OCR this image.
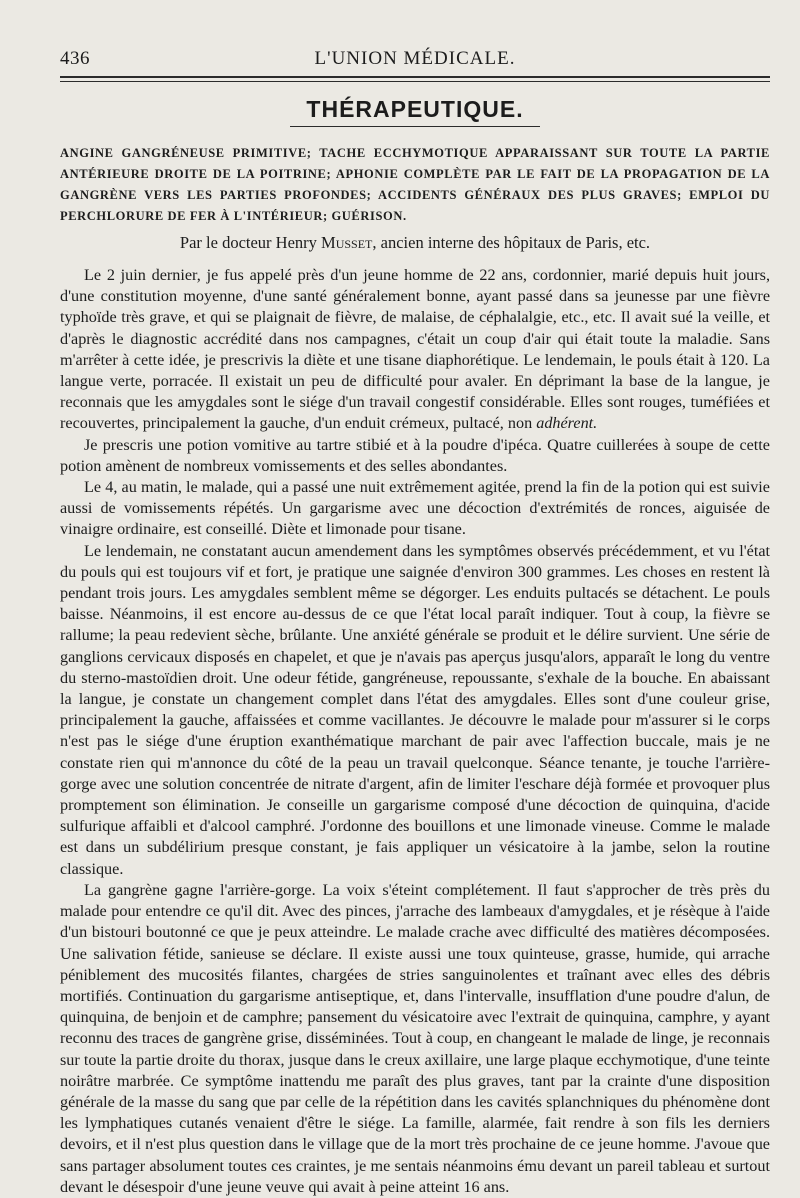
436	L'UNION MÉDICALE.
THÉRAPEUTIQUE.
ANGINE GANGRÉNEUSE PRIMITIVE; TACHE ECCHYMOTIQUE APPARAISSANT SUR TOUTE LA PARTIE ANTÉRIEURE DROITE DE LA POITRINE; APHONIE COMPLÈTE PAR LE FAIT DE LA PROPAGATION DE LA GANGRÈNE VERS LES PARTIES PROFONDES; ACCIDENTS GÉNÉRAUX DES PLUS GRAVES; EMPLOI DU PERCHLORURE DE FER À L'INTÉRIEUR; GUÉRISON.
Par le docteur Henry Musset, ancien interne des hôpitaux de Paris, etc.

Le 2 juin dernier, je fus appelé près d'un jeune homme de 22 ans, cordonnier, marié depuis huit jours, d'une constitution moyenne, d'une santé généralement bonne, ayant passé dans sa jeunesse par une fièvre typhoïde très grave, et qui se plaignait de fièvre, de malaise, de céphalalgie, etc., etc. Il avait sué la veille, et d'après le diagnostic accrédité dans nos campagnes, c'était un coup d'air qui était toute la maladie. Sans m'arrêter à cette idée, je prescrivis la diète et une tisane diaphorétique. Le lendemain, le pouls était à 120. La langue verte, porracée. Il existait un peu de difficulté pour avaler. En déprimant la base de la langue, je reconnais que les amygdales sont le siége d'un travail congestif considérable. Elles sont rouges, tuméfiées et recouvertes, principalement la gauche, d'un enduit crémeux, pultacé, non adhérent.

Je prescris une potion vomitive au tartre stibié et à la poudre d'ipéca. Quatre cuillerées à soupe de cette potion amènent de nombreux vomissements et des selles abondantes.

Le 4, au matin, le malade, qui a passé une nuit extrêmement agitée, prend la fin de la potion qui est suivie aussi de vomissements répétés. Un gargarisme avec une décoction d'extrémités de ronces, aiguisée de vinaigre ordinaire, est conseillé. Diète et limonade pour tisane.

Le lendemain, ne constatant aucun amendement dans les symptômes observés précédemment, et vu l'état du pouls qui est toujours vif et fort, je pratique une saignée d'environ 300 grammes. Les choses en restent là pendant trois jours. Les amygdales semblent même se dégorger. Les enduits pultacés se détachent. Le pouls baisse. Néanmoins, il est encore au-dessus de ce que l'état local paraît indiquer. Tout à coup, la fièvre se rallume; la peau redevient sèche, brûlante. Une anxiété générale se produit et le délire survient. Une série de ganglions cervicaux disposés en chapelet, et que je n'avais pas aperçus jusqu'alors, apparaît le long du ventre du sterno-mastoïdien droit. Une odeur fétide, gangréneuse, repoussante, s'exhale de la bouche. En abaissant la langue, je constate un changement complet dans l'état des amygdales. Elles sont d'une couleur grise, principalement la gauche, affaissées et comme vacillantes. Je découvre le malade pour m'assurer si le corps n'est pas le siége d'une éruption exanthématique marchant de pair avec l'affection buccale, mais je ne constate rien qui m'annonce du côté de la peau un travail quelconque. Séance tenante, je touche l'arrière-gorge avec une solution concentrée de nitrate d'argent, afin de limiter l'eschare déjà formée et provoquer plus promptement son élimination. Je conseille un gargarisme composé d'une décoction de quinquina, d'acide sulfurique affaibli et d'alcool camphré. J'ordonne des bouillons et une limonade vineuse. Comme le malade est dans un subdélirium presque constant, je fais appliquer un vésicatoire à la jambe, selon la routine classique.

La gangrène gagne l'arrière-gorge. La voix s'éteint complétement. Il faut s'approcher de très près du malade pour entendre ce qu'il dit. Avec des pinces, j'arrache des lambeaux d'amygdales, et je résèque à l'aide d'un bistouri boutonné ce que je peux atteindre. Le malade crache avec difficulté des matières décomposées. Une salivation fétide, sanieuse se déclare. Il existe aussi une toux quinteuse, grasse, humide, qui arrache péniblement des mucosités filantes, chargées de stries sanguinolentes et traînant avec elles des débris mortifiés. Continuation du gargarisme antiseptique, et, dans l'intervalle, insufflation d'une poudre d'alun, de quinquina, de benjoin et de camphre; pansement du vésicatoire avec l'extrait de quinquina, camphre, y ayant reconnu des traces de gangrène grise, disséminées. Tout à coup, en changeant le malade de linge, je reconnais sur toute la partie droite du thorax, jusque dans le creux axillaire, une large plaque ecchymotique, d'une teinte noirâtre marbrée. Ce symptôme inattendu me paraît des plus graves, tant par la crainte d'une disposition générale de la masse du sang que par celle de la répétition dans les cavités splanchniques du phénomène dont les lymphatiques cutanés venaient d'être le siége. La famille, alarmée, fait rendre à son fils les derniers devoirs, et il n'est plus question dans le village que de la mort très prochaine de ce jeune homme. J'avoue que sans partager absolument toutes ces craintes, je me sentais néanmoins ému devant un pareil tableau et surtout devant le désespoir d'une jeune veuve qui avait à peine atteint 16 ans.
